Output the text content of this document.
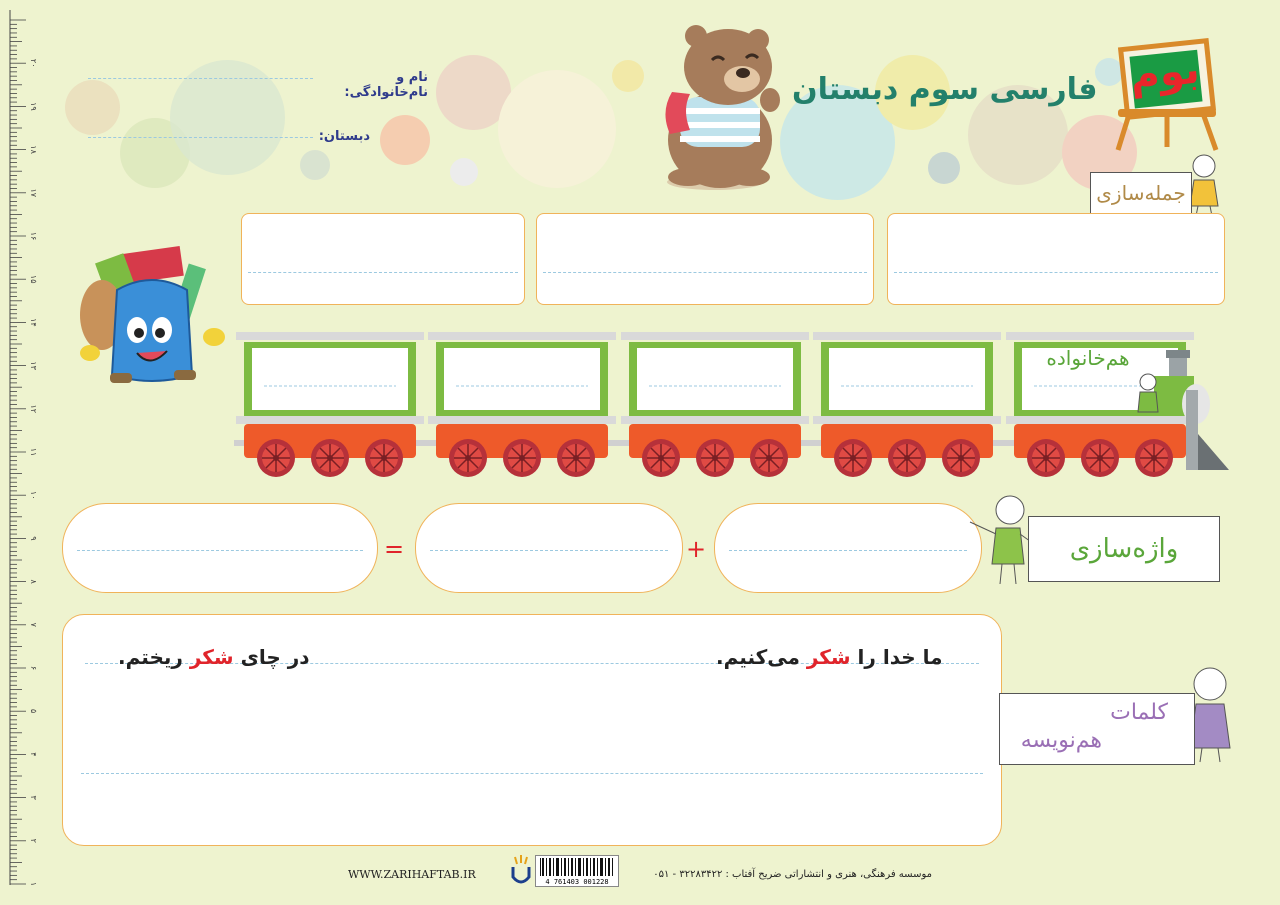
۱
۲
۳
۴
۵
۶
۷
۸
۹
۱۰
۱۱
۱۲
۱۳
۱۴
۱۵
۱۶
۱۷
۱۸
۱۹
۲۰
نام و نام‌خانوادگی:
دبستان:
فارسی سوم دبستان بوم
جمله‌سازی
هم‌خانواده
+
=	واژه‌سازی
ما خدا را شکر می‌کنیم.
در چای شکر ریختم.
کلمات
هم‌نویسه
موسسه فرهنگی، هنری و انتشاراتی ضریح آفتاب : ۳۲۲۸۳۴۲۲ - ۰۵۱
4 761403 001228
WWW.ZARIHAFTAB.IR
